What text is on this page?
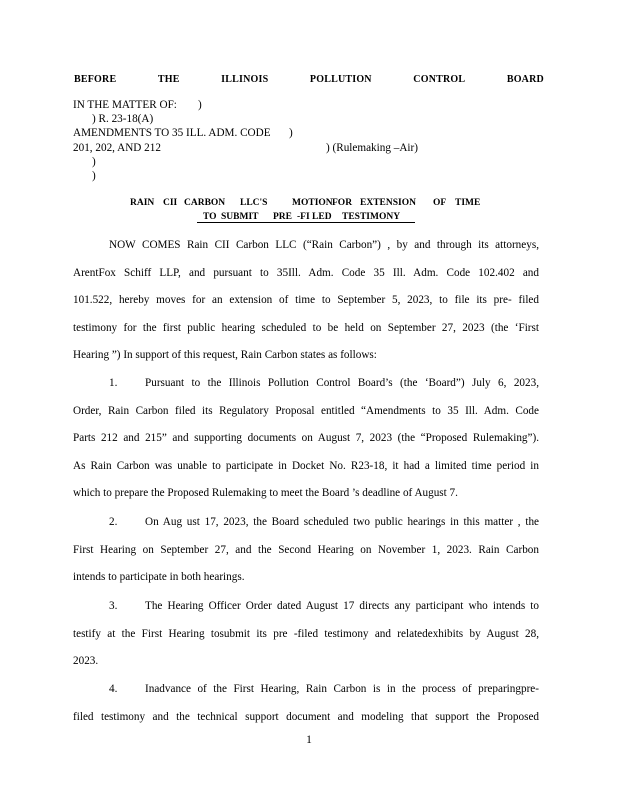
BEFORE	THE	ILLINOIS	POLLUTION	CONTROL	BOARD
IN THE MATTER OF: )
) R. 23-18(A)
AMENDMENTS TO 35 ILL. ADM. CODE )
201, 202, AND 212	) (Rulemaking –Air)
)
)
RAIN CII CARBON LLC'S	MOTION FOR EXTENSION OF TIME
TO SUBMIT PRE -FI LED TESTIMONY
NOW COMES Rain CII Carbon LLC (“Rain Carbon”) , by and through its attorneys,
ArentFox Schiff LLP, and pursuant to 35Ill. Adm. Code 35 Ill. Adm. Code 102.402 and
101.522, hereby moves for an extension of time to September 5, 2023, to file its pre- filed
testimony for the first public hearing scheduled to be held on September 27, 2023 (the ‘First
Hearing ”) In support of this request, Rain Carbon states as follows:
1.	Pursuant to the Illinois Pollution Control Board’s (the ‘Board”) July 6, 2023,
Order, Rain Carbon filed its Regulatory Proposal entitled “Amendments to 35 Ill. Adm. Code
Parts 212 and 215” and supporting documents on August 7, 2023 (the “Proposed Rulemaking”).
As Rain Carbon was unable to participate in Docket No. R23-18, it had a limited time period in
which to prepare the Proposed Rulemaking to meet the Board ’s deadline of August 7.
2.	On Aug ust 17, 2023, the Board scheduled two public hearings in this matter , the
First Hearing on September 27, and the Second Hearing on November 1, 2023. Rain Carbon
intends to participate in both hearings.
3.	The Hearing Officer Order dated August 17 directs any participant who intends to
testify at the First Hearing tosubmit its pre -filed testimony and relatedexhibits by August 28,
2023.
4.	Inadvance of the First Hearing, Rain Carbon is in the process of preparingpre-
filed testimony and the technical support document and modeling that support the Proposed
1
